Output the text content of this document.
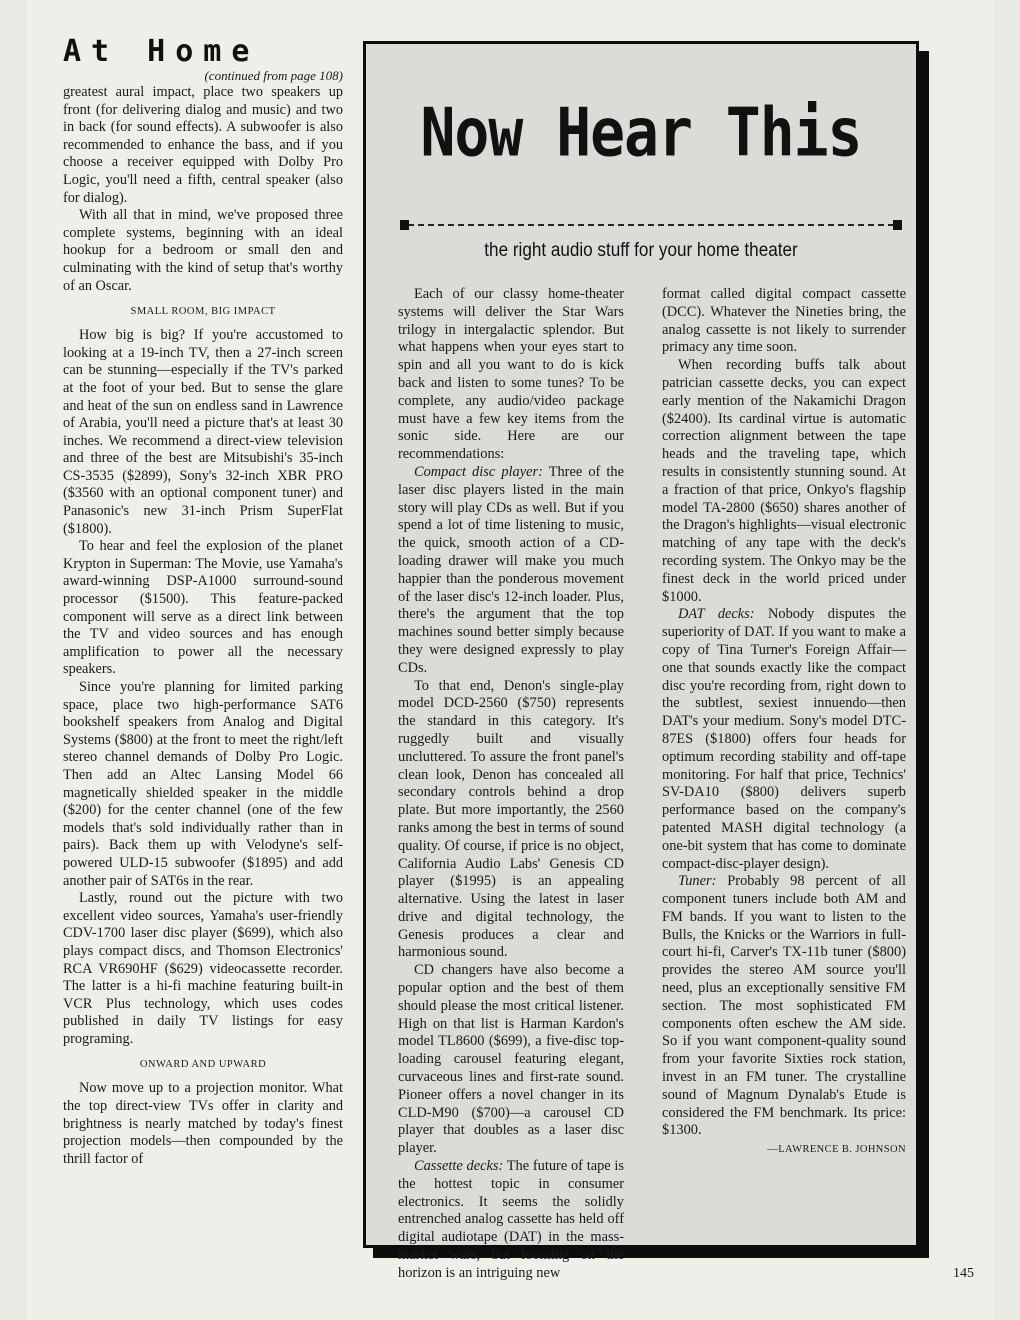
At Home

(continued from page 108)

greatest aural impact, place two speakers up front (for delivering dialog and music) and two in back (for sound effects). A subwoofer is also recommended to enhance the bass, and if you choose a receiver equipped with Dolby Pro Logic, you'll need a fifth, central speaker (also for dialog).

With all that in mind, we've proposed three complete systems, beginning with an ideal hookup for a bedroom or small den and culminating with the kind of setup that's worthy of an Oscar.

SMALL ROOM, BIG IMPACT

How big is big? If you're accustomed to looking at a 19-inch TV, then a 27-inch screen can be stunning—especially if the TV's parked at the foot of your bed. But to sense the glare and heat of the sun on endless sand in Lawrence of Arabia, you'll need a picture that's at least 30 inches. We recommend a direct-view television and three of the best are Mitsubishi's 35-inch CS-3535 ($2899), Sony's 32-inch XBR PRO ($3560 with an optional component tuner) and Panasonic's new 31-inch Prism SuperFlat ($1800).

To hear and feel the explosion of the planet Krypton in Superman: The Movie, use Yamaha's award-winning DSP-A1000 surround-sound processor ($1500). This feature-packed component will serve as a direct link between the TV and video sources and has enough amplification to power all the necessary speakers.

Since you're planning for limited parking space, place two high-performance SAT6 bookshelf speakers from Analog and Digital Systems ($800) at the front to meet the right/left stereo channel demands of Dolby Pro Logic. Then add an Altec Lansing Model 66 magnetically shielded speaker in the middle ($200) for the center channel (one of the few models that's sold individually rather than in pairs). Back them up with Velodyne's self-powered ULD-15 subwoofer ($1895) and add another pair of SAT6s in the rear.

Lastly, round out the picture with two excellent video sources, Yamaha's user-friendly CDV-1700 laser disc player ($699), which also plays compact discs, and Thomson Electronics' RCA VR690HF ($629) videocassette recorder. The latter is a hi-fi machine featuring built-in VCR Plus technology, which uses codes published in daily TV listings for easy programing.

ONWARD AND UPWARD

Now move up to a projection monitor. What the top direct-view TVs offer in clarity and brightness is nearly matched by today's finest projection models—then compounded by the thrill factor of

Now Hear This

the right audio stuff for your home theater

Each of our classy home-theater systems will deliver the Star Wars trilogy in intergalactic splendor. But what happens when your eyes start to spin and all you want to do is kick back and listen to some tunes? To be complete, any audio/video package must have a few key items from the sonic side. Here are our recommendations:

Compact disc player: Three of the laser disc players listed in the main story will play CDs as well. But if you spend a lot of time listening to music, the quick, smooth action of a CD-loading drawer will make you much happier than the ponderous movement of the laser disc's 12-inch loader. Plus, there's the argument that the top machines sound better simply because they were designed expressly to play CDs.

To that end, Denon's single-play model DCD-2560 ($750) represents the standard in this category. It's ruggedly built and visually uncluttered. To assure the front panel's clean look, Denon has concealed all secondary controls behind a drop plate. But more importantly, the 2560 ranks among the best in terms of sound quality. Of course, if price is no object, California Audio Labs' Genesis CD player ($1995) is an appealing alternative. Using the latest in laser drive and digital technology, the Genesis produces a clear and harmonious sound.

CD changers have also become a popular option and the best of them should please the most critical listener. High on that list is Harman Kardon's model TL8600 ($699), a five-disc top-loading carousel featuring elegant, curvaceous lines and first-rate sound. Pioneer offers a novel changer in its CLD-M90 ($700)—a carousel CD player that doubles as a laser disc player.

Cassette decks: The future of tape is the hottest topic in consumer electronics. It seems the solidly entrenched analog cassette has held off digital audiotape (DAT) in the mass-market wars, but looming on the horizon is an intriguing new

format called digital compact cassette (DCC). Whatever the Nineties bring, the analog cassette is not likely to surrender primacy any time soon.

When recording buffs talk about patrician cassette decks, you can expect early mention of the Nakamichi Dragon ($2400). Its cardinal virtue is automatic correction alignment between the tape heads and the traveling tape, which results in consistently stunning sound. At a fraction of that price, Onkyo's flagship model TA-2800 ($650) shares another of the Dragon's highlights—visual electronic matching of any tape with the deck's recording system. The Onkyo may be the finest deck in the world priced under $1000.

DAT decks: Nobody disputes the superiority of DAT. If you want to make a copy of Tina Turner's Foreign Affair— one that sounds exactly like the compact disc you're recording from, right down to the subtlest, sexiest innuendo—then DAT's your medium. Sony's model DTC-87ES ($1800) offers four heads for optimum recording stability and off-tape monitoring. For half that price, Technics' SV-DA10 ($800) delivers superb performance based on the company's patented MASH digital technology (a one-bit system that has come to dominate compact-disc-player design).

Tuner: Probably 98 percent of all component tuners include both AM and FM bands. If you want to listen to the Bulls, the Knicks or the Warriors in full-court hi-fi, Carver's TX-11b tuner ($800) provides the stereo AM source you'll need, plus an exceptionally sensitive FM section. The most sophisticated FM components often eschew the AM side. So if you want component-quality sound from your favorite Sixties rock station, invest in an FM tuner. The crystalline sound of Magnum Dynalab's Etude is considered the FM benchmark. Its price: $1300.

—LAWRENCE B. JOHNSON

145
